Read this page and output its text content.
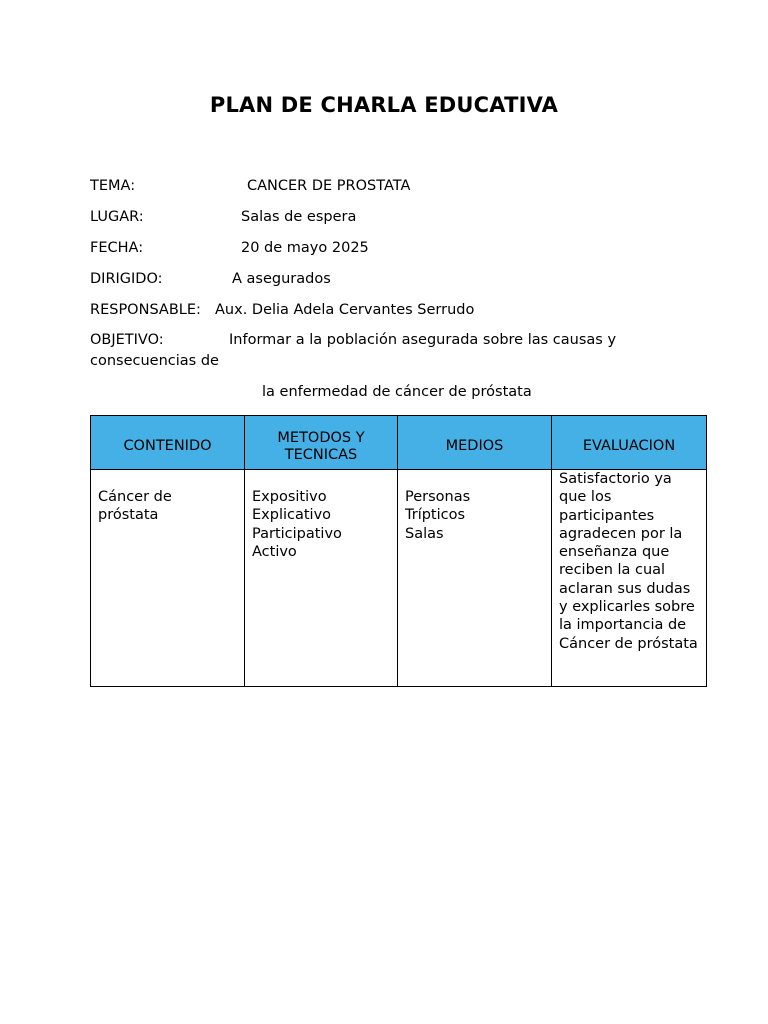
PLAN DE CHARLA EDUCATIVA
TEMA:	CANCER DE PROSTATA
LUGAR:	Salas de espera
FECHA:	20 de mayo 2025
DIRIGIDO:	A asegurados
RESPONSABLE: Aux. Delia Adela Cervantes Serrudo
OBJETIVO:	Informar a la población asegurada sobre las causas y
consecuencias de
la enfermedad de cáncer de próstata
CONTENIDO	METODOS Y TECNICAS	MEDIOS	EVALUACION

Cáncer de
próstata	Expositivo
Explicativo
Participativo
Activo	Personas
Trípticos
Salas	Satisfactorio ya que los participantes agradecen por la enseñanza que reciben la cual aclaran sus dudas y explicarles sobre la importancia de Cáncer de próstata
